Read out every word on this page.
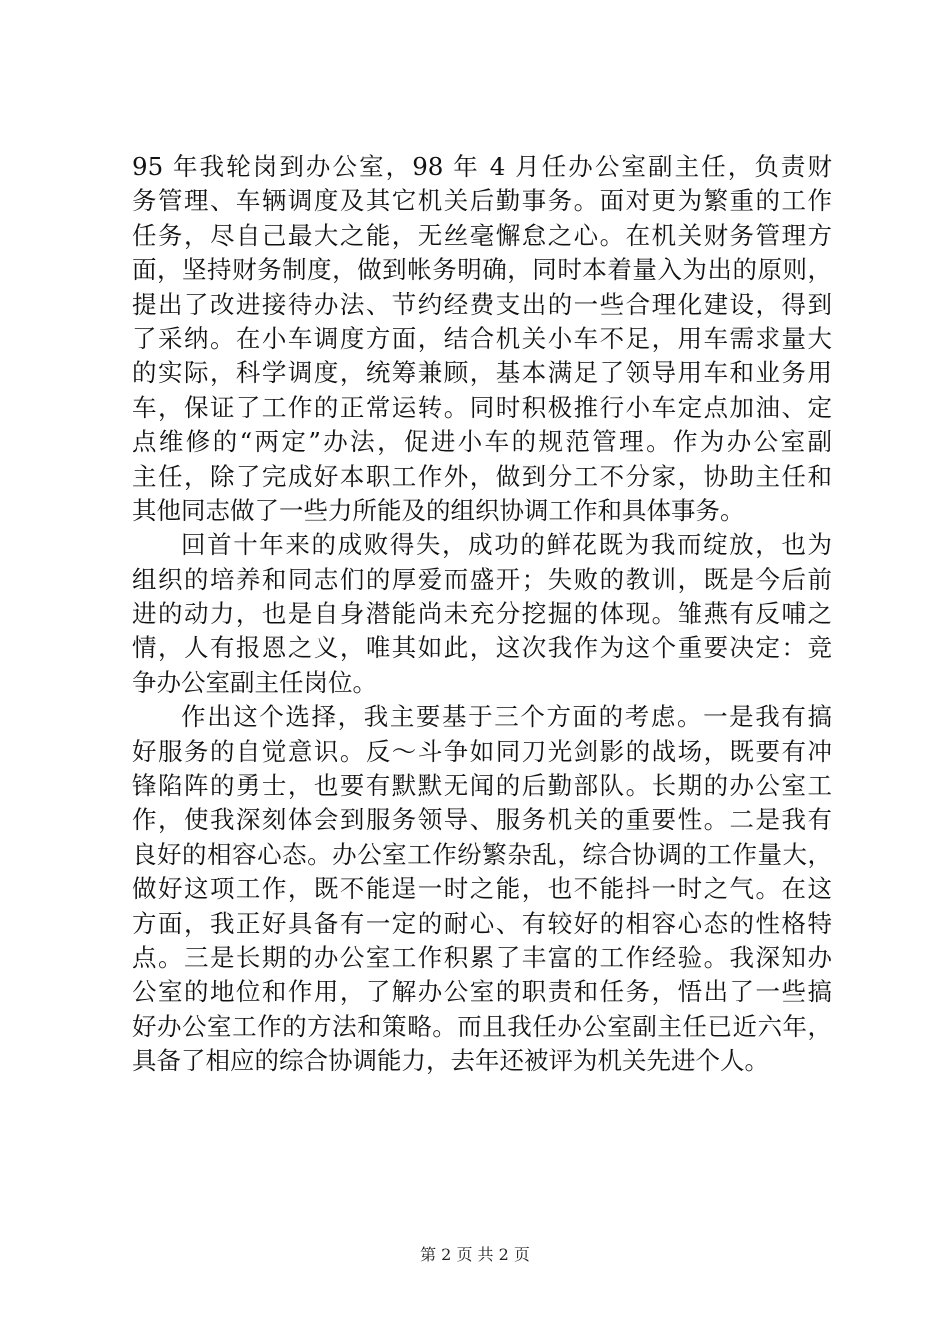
95 年我轮岗到办公室，98 年 4 月任办公室副主任，负责财
务管理、车辆调度及其它机关后勤事务。面对更为繁重的工作
任务，尽自己最大之能，无丝毫懈怠之心。在机关财务管理方
面，坚持财务制度，做到帐务明确，同时本着量入为出的原则，
提出了改进接待办法、节约经费支出的一些合理化建设，得到
了采纳。在小车调度方面，结合机关小车不足，用车需求量大
的实际，科学调度，统筹兼顾，基本满足了领导用车和业务用
车，保证了工作的正常运转。同时积极推行小车定点加油、定
点维修的“两定”办法，促进小车的规范管理。作为办公室副
主任，除了完成好本职工作外，做到分工不分家，协助主任和
其他同志做了一些力所能及的组织协调工作和具体事务。
回首十年来的成败得失，成功的鲜花既为我而绽放，也为
组织的培养和同志们的厚爱而盛开；失败的教训，既是今后前
进的动力，也是自身潜能尚未充分挖掘的体现。雏燕有反哺之
情，人有报恩之义，唯其如此，这次我作为这个重要决定：竞
争办公室副主任岗位。
作出这个选择，我主要基于三个方面的考虑。一是我有搞
好服务的自觉意识。反～斗争如同刀光剑影的战场，既要有冲
锋陷阵的勇士，也要有默默无闻的后勤部队。长期的办公室工
作，使我深刻体会到服务领导、服务机关的重要性。二是我有
良好的相容心态。办公室工作纷繁杂乱，综合协调的工作量大，
做好这项工作，既不能逞一时之能，也不能抖一时之气。在这
方面，我正好具备有一定的耐心、有较好的相容心态的性格特
点。三是长期的办公室工作积累了丰富的工作经验。我深知办
公室的地位和作用，了解办公室的职责和任务，悟出了一些搞
好办公室工作的方法和策略。而且我任办公室副主任已近六年，
具备了相应的综合协调能力，去年还被评为机关先进个人。
第 2 页 共 2 页
